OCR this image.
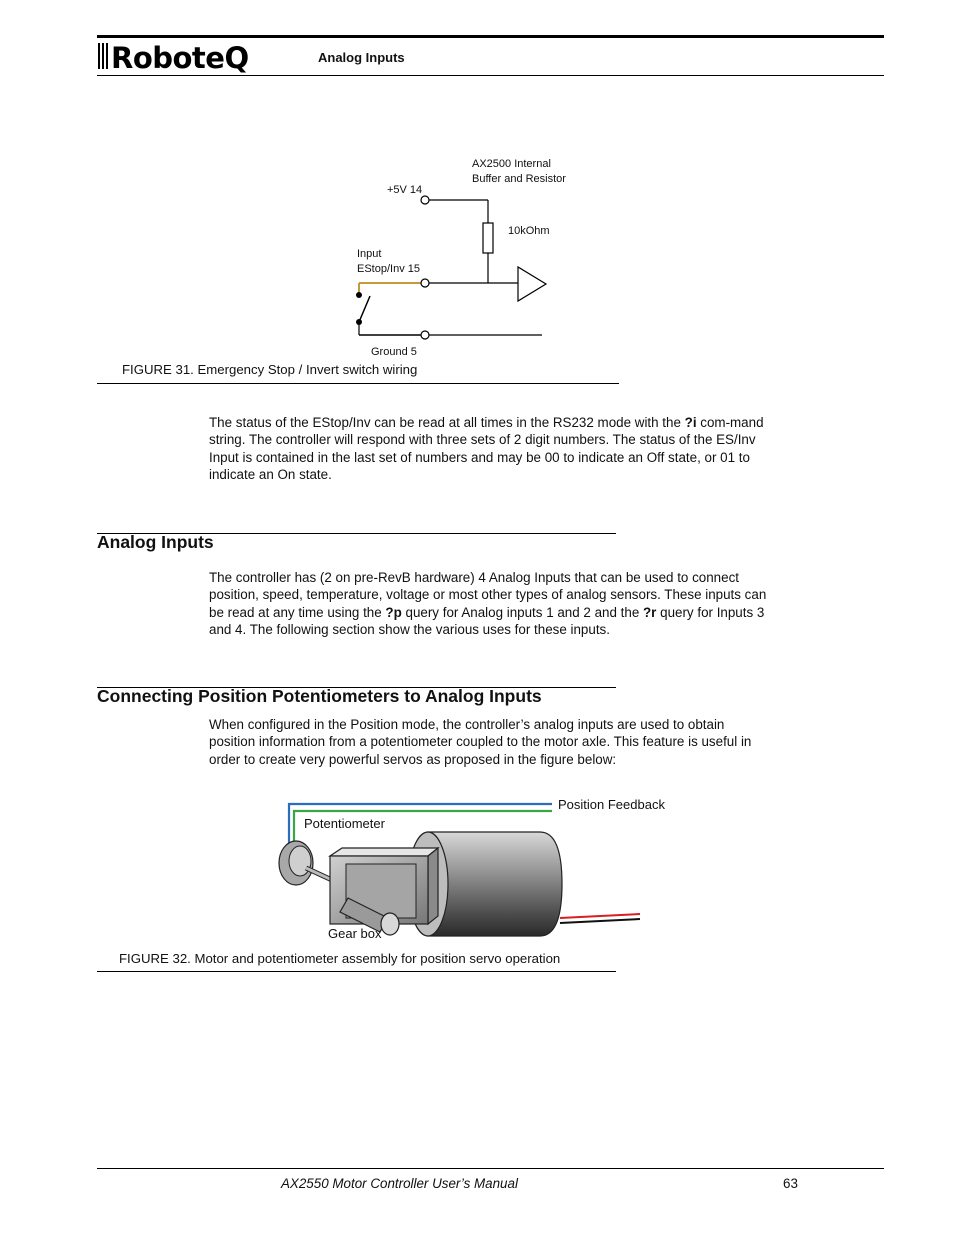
RoboteQ	Analog Inputs
AX2500 Internal
Buffer and Resistor
+5V 14
10kOhm
Input
EStop/Inv 15
Ground 5
FIGURE 31. Emergency Stop / Invert switch wiring

The status of the EStop/Inv can be read at all times in the RS232 mode with the ?i com-mand string. The controller will respond with three sets of 2 digit numbers. The status of the ES/Inv Input is contained in the last set of numbers and may be 00 to indicate an Off state, or 01 to indicate an On state.

Analog Inputs

The controller has (2 on pre-RevB hardware) 4 Analog Inputs that can be used to connect position, speed, temperature, voltage or most other types of analog sensors. These inputs can be read at any time using the ?p query for Analog inputs 1 and 2 and the ?r query for Inputs 3 and 4. The following section show the various uses for these inputs.

Connecting Position Potentiometers to Analog Inputs

When configured in the Position mode, the controller’s analog inputs are used to obtain position information from a potentiometer coupled to the motor axle. This feature is useful in order to create very powerful servos as proposed in the figure below:

Position Feedback
Potentiometer
Gear box
FIGURE 32. Motor and potentiometer assembly for position servo operation
AX2550 Motor Controller User’s Manual	63
